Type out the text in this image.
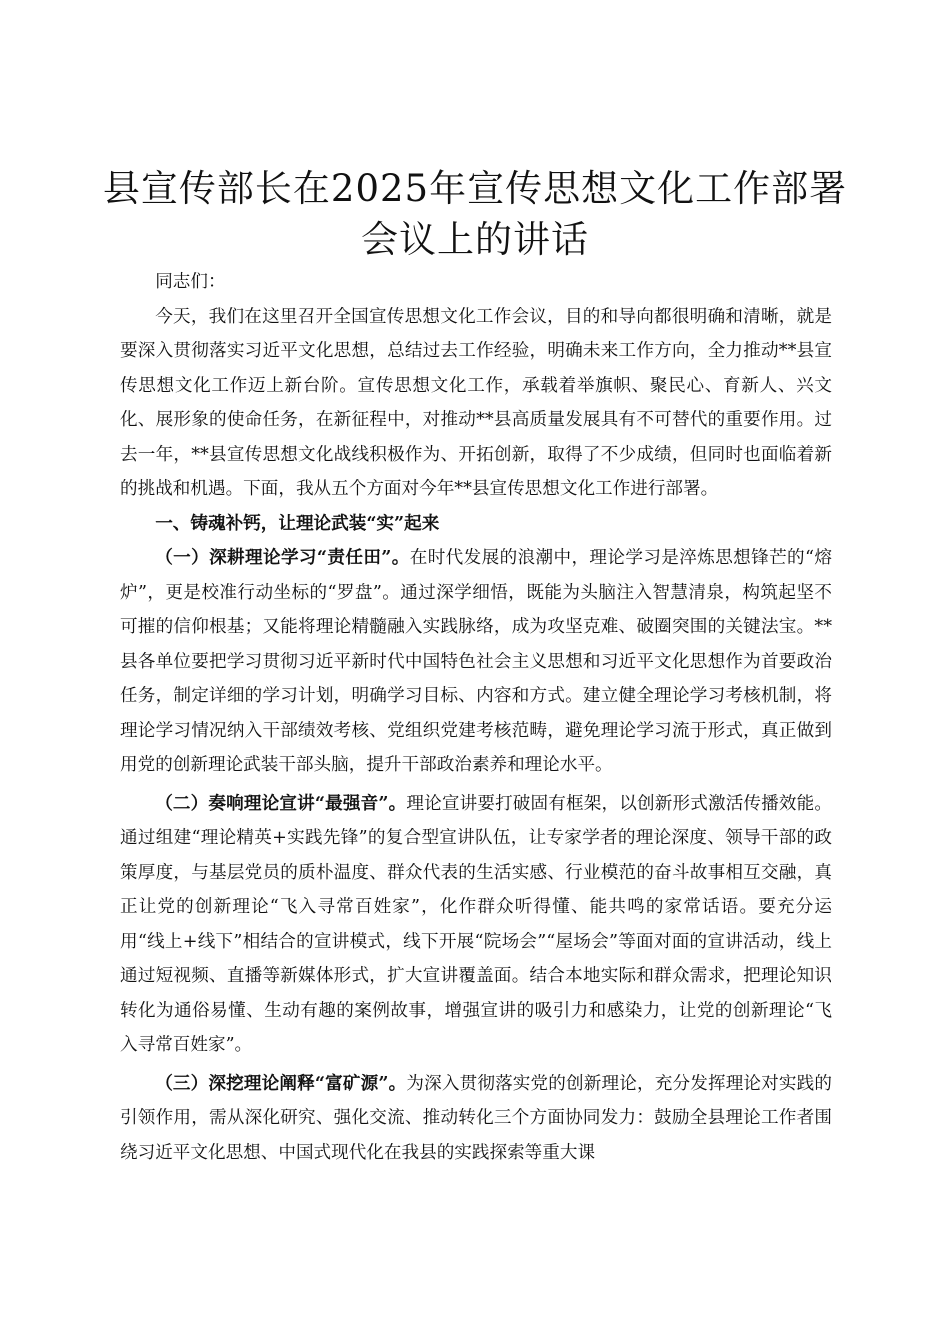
县宣传部长在2025年宣传思想文化工作部署
会议上的讲话

同志们：

今天，我们在这里召开全国宣传思想文化工作会议，目的和导向都很明确和清晰，就是要深入贯彻落实习近平文化思想，总结过去工作经验，明确未来工作方向，全力推动**县宣传思想文化工作迈上新台阶。宣传思想文化工作，承载着举旗帜、聚民心、育新人、兴文化、展形象的使命任务，在新征程中，对推动**县高质量发展具有不可替代的重要作用。过去一年，**县宣传思想文化战线积极作为、开拓创新，取得了不少成绩，但同时也面临着新的挑战和机遇。下面，我从五个方面对今年**县宣传思想文化工作进行部署。

一、铸魂补钙，让理论武装“实”起来

（一）深耕理论学习“责任田”。在时代发展的浪潮中，理论学习是淬炼思想锋芒的“熔炉”，更是校准行动坐标的“罗盘”。通过深学细悟，既能为头脑注入智慧清泉，构筑起坚不可摧的信仰根基；又能将理论精髓融入实践脉络，成为攻坚克难、破圈突围的关键法宝。**县各单位要把学习贯彻习近平新时代中国特色社会主义思想和习近平文化思想作为首要政治任务，制定详细的学习计划，明确学习目标、内容和方式。建立健全理论学习考核机制，将理论学习情况纳入干部绩效考核、党组织党建考核范畴，避免理论学习流于形式，真正做到用党的创新理论武装干部头脑，提升干部政治素养和理论水平。

（二）奏响理论宣讲“最强音”。理论宣讲要打破固有框架，以创新形式激活传播效能。通过组建“理论精英+实践先锋”的复合型宣讲队伍，让专家学者的理论深度、领导干部的政策厚度，与基层党员的质朴温度、群众代表的生活实感、行业模范的奋斗故事相互交融，真正让党的创新理论“飞入寻常百姓家”，化作群众听得懂、能共鸣的家常话语。要充分运用“线上+线下”相结合的宣讲模式，线下开展“院场会”“屋场会”等面对面的宣讲活动，线上通过短视频、直播等新媒体形式，扩大宣讲覆盖面。结合本地实际和群众需求，把理论知识转化为通俗易懂、生动有趣的案例故事，增强宣讲的吸引力和感染力，让党的创新理论“飞入寻常百姓家”。

（三）深挖理论阐释“富矿源”。为深入贯彻落实党的创新理论，充分发挥理论对实践的引领作用，需从深化研究、强化交流、推动转化三个方面协同发力：鼓励全县理论工作者围绕习近平文化思想、中国式现代化在我县的实践探索等重大课
